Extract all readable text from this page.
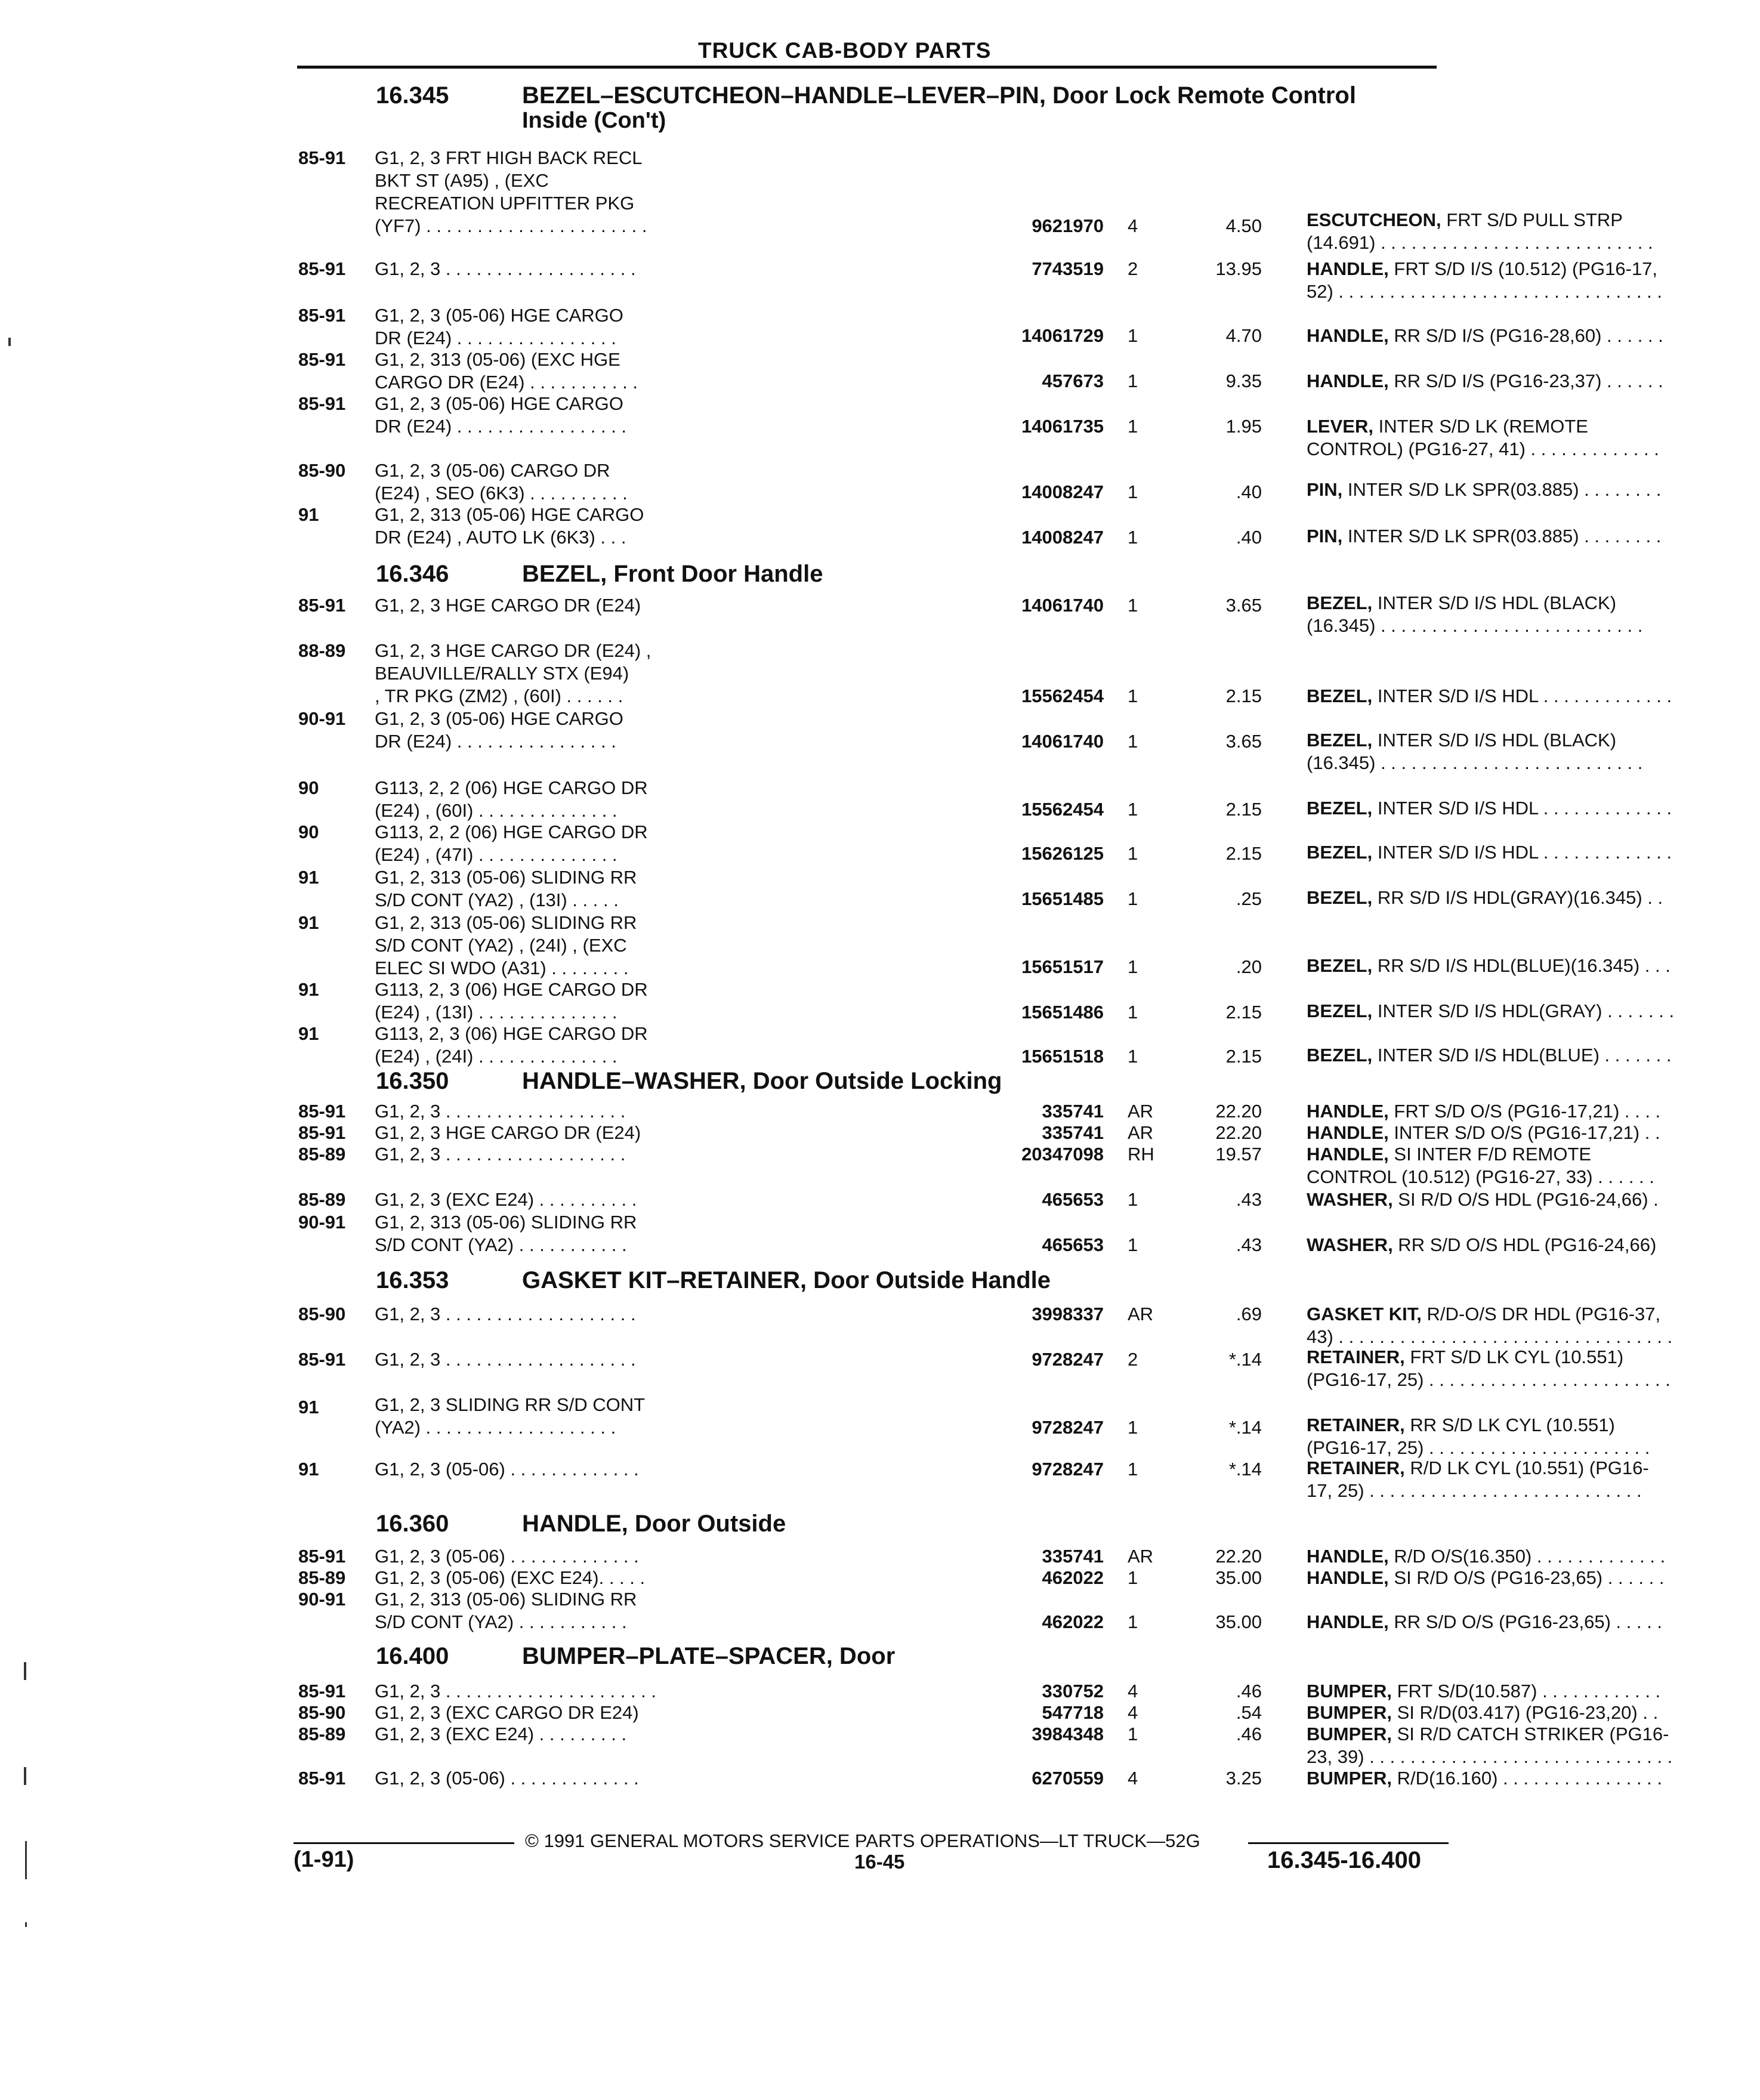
TRUCK CAB-BODY PARTS
16.345	BEZEL–ESCUTCHEON–HANDLE–LEVER–PIN, Door Lock Remote Control
Inside (Con't)
85-91 G1, 2, 3 FRT HIGH BACK RECL
BKT ST (A95) , (EXC
RECREATION UPFITTER PKG
(YF7) . . . . . . . . . . . . . . . . . . . . . .	9621970 4	4.50 ESCUTCHEON, FRT S/D PULL STRP
(14.691) . . . . . . . . . . . . . . . . . . . . . . . . . . .
85-91 G1, 2, 3 . . . . . . . . . . . . . . . . . . .	7743519 2	13.95 HANDLE, FRT S/D I/S (10.512) (PG16-17,
52) . . . . . . . . . . . . . . . . . . . . . . . . . . . . . . . .
85-91 G1, 2, 3 (05-06) HGE CARGO
DR (E24) . . . . . . . . . . . . . . . .	14061729 1	4.70 HANDLE, RR S/D I/S (PG16-28,60) . . . . . .
85-91 G1, 2, 313 (05-06) (EXC HGE
CARGO DR (E24) . . . . . . . . . . .	457673 1	9.35 HANDLE, RR S/D I/S (PG16-23,37) . . . . . .
85-91 G1, 2, 3 (05-06) HGE CARGO
DR (E24) . . . . . . . . . . . . . . . . .	14061735 1	1.95 LEVER, INTER S/D LK (REMOTE
CONTROL) (PG16-27, 41) . . . . . . . . . . . . .
85-90 G1, 2, 3 (05-06) CARGO DR
(E24) , SEO (6K3) . . . . . . . . . .	14008247 1	.40 PIN, INTER S/D LK SPR(03.885) . . . . . . . .
91	G1, 2, 313 (05-06) HGE CARGO
DR (E24) , AUTO LK (6K3) . . .	14008247 1	.40 PIN, INTER S/D LK SPR(03.885) . . . . . . . .
16.346	BEZEL, Front Door Handle
85-91 G1, 2, 3 HGE CARGO DR (E24)	14061740 1	3.65 BEZEL, INTER S/D I/S HDL (BLACK)
(16.345) . . . . . . . . . . . . . . . . . . . . . . . . . .
88-89 G1, 2, 3 HGE CARGO DR (E24) ,
BEAUVILLE/RALLY STX (E94)
, TR PKG (ZM2) , (60I) . . . . . .	15562454 1	2.15 BEZEL, INTER S/D I/S HDL . . . . . . . . . . . . .
90-91 G1, 2, 3 (05-06) HGE CARGO
DR (E24) . . . . . . . . . . . . . . . .	14061740 1	3.65 BEZEL, INTER S/D I/S HDL (BLACK)
(16.345) . . . . . . . . . . . . . . . . . . . . . . . . . .
90	G113, 2, 2 (06) HGE CARGO DR
(E24) , (60I) . . . . . . . . . . . . . .	15562454 1	2.15 BEZEL, INTER S/D I/S HDL . . . . . . . . . . . . .
90	G113, 2, 2 (06) HGE CARGO DR
(E24) , (47I) . . . . . . . . . . . . . .	15626125 1	2.15 BEZEL, INTER S/D I/S HDL . . . . . . . . . . . . .
91	G1, 2, 313 (05-06) SLIDING RR
S/D CONT (YA2) , (13I) . . . . .	15651485 1	.25 BEZEL, RR S/D I/S HDL(GRAY)(16.345) . .
91	G1, 2, 313 (05-06) SLIDING RR
S/D CONT (YA2) , (24I) , (EXC
ELEC SI WDO (A31) . . . . . . . .	15651517 1	.20 BEZEL, RR S/D I/S HDL(BLUE)(16.345) . . .
91	G113, 2, 3 (06) HGE CARGO DR
(E24) , (13I) . . . . . . . . . . . . . .	15651486 1	2.15 BEZEL, INTER S/D I/S HDL(GRAY) . . . . . . .
91	G113, 2, 3 (06) HGE CARGO DR
(E24) , (24I) . . . . . . . . . . . . . .	15651518 1	2.15 BEZEL, INTER S/D I/S HDL(BLUE) . . . . . . .
16.350	HANDLE–WASHER, Door Outside Locking
85-91 G1, 2, 3 . . . . . . . . . . . . . . . . . .	335741 AR	22.20 HANDLE, FRT S/D O/S (PG16-17,21) . . . .
85-91 G1, 2, 3 HGE CARGO DR (E24)	335741 AR	22.20 HANDLE, INTER S/D O/S (PG16-17,21) . .
85-89 G1, 2, 3 . . . . . . . . . . . . . . . . . .	20347098 RH	19.57 HANDLE, SI INTER F/D REMOTE
CONTROL (10.512) (PG16-27, 33) . . . . . .
85-89 G1, 2, 3 (EXC E24) . . . . . . . . . .	465653 1	.43 WASHER, SI R/D O/S HDL (PG16-24,66) .
90-91 G1, 2, 313 (05-06) SLIDING RR
S/D CONT (YA2) . . . . . . . . . . .	465653 1	.43 WASHER, RR S/D O/S HDL (PG16-24,66)
16.353	GASKET KIT–RETAINER, Door Outside Handle
85-90 G1, 2, 3 . . . . . . . . . . . . . . . . . . .	3998337 AR	.69 GASKET KIT, R/D-O/S DR HDL (PG16-37,
43) . . . . . . . . . . . . . . . . . . . . . . . . . . . . . . . . .
85-91 G1, 2, 3 . . . . . . . . . . . . . . . . . . .	9728247 2	*.14 RETAINER, FRT S/D LK CYL (10.551)
(PG16-17, 25) . . . . . . . . . . . . . . . . . . . . . . . .
91	G1, 2, 3 SLIDING RR S/D CONT
(YA2) . . . . . . . . . . . . . . . . . . .	9728247 1	*.14 RETAINER, RR S/D LK CYL (10.551)
(PG16-17, 25) . . . . . . . . . . . . . . . . . . . . . .
91	G1, 2, 3 (05-06) . . . . . . . . . . . . .	9728247 1	*.14 RETAINER, R/D LK CYL (10.551) (PG16-
17, 25) . . . . . . . . . . . . . . . . . . . . . . . . . . .
16.360	HANDLE, Door Outside
85-91 G1, 2, 3 (05-06) . . . . . . . . . . . . .	335741 AR	22.20 HANDLE, R/D O/S(16.350) . . . . . . . . . . . . .
85-89 G1, 2, 3 (05-06) (EXC E24). . . . .	462022 1	35.00 HANDLE, SI R/D O/S (PG16-23,65) . . . . . .
90-91 G1, 2, 313 (05-06) SLIDING RR
S/D CONT (YA2) . . . . . . . . . . .	462022 1	35.00 HANDLE, RR S/D O/S (PG16-23,65) . . . . .
16.400	BUMPER–PLATE–SPACER, Door
85-91 G1, 2, 3 . . . . . . . . . . . . . . . . . . . . .	330752 4	.46 BUMPER, FRT S/D(10.587) . . . . . . . . . . . .
85-90 G1, 2, 3 (EXC CARGO DR E24)	547718 4	.54 BUMPER, SI R/D(03.417) (PG16-23,20) . .
85-89 G1, 2, 3 (EXC E24) . . . . . . . . .	3984348 1	.46 BUMPER, SI R/D CATCH STRIKER (PG16-
23, 39) . . . . . . . . . . . . . . . . . . . . . . . . . . . . . .
85-91 G1, 2, 3 (05-06) . . . . . . . . . . . . .	6270559 4	3.25 BUMPER, R/D(16.160) . . . . . . . . . . . . . . . .
© 1991 GENERAL MOTORS SERVICE PARTS OPERATIONS—LT TRUCK—52G
(1-91)	16-45	16.345-16.400
